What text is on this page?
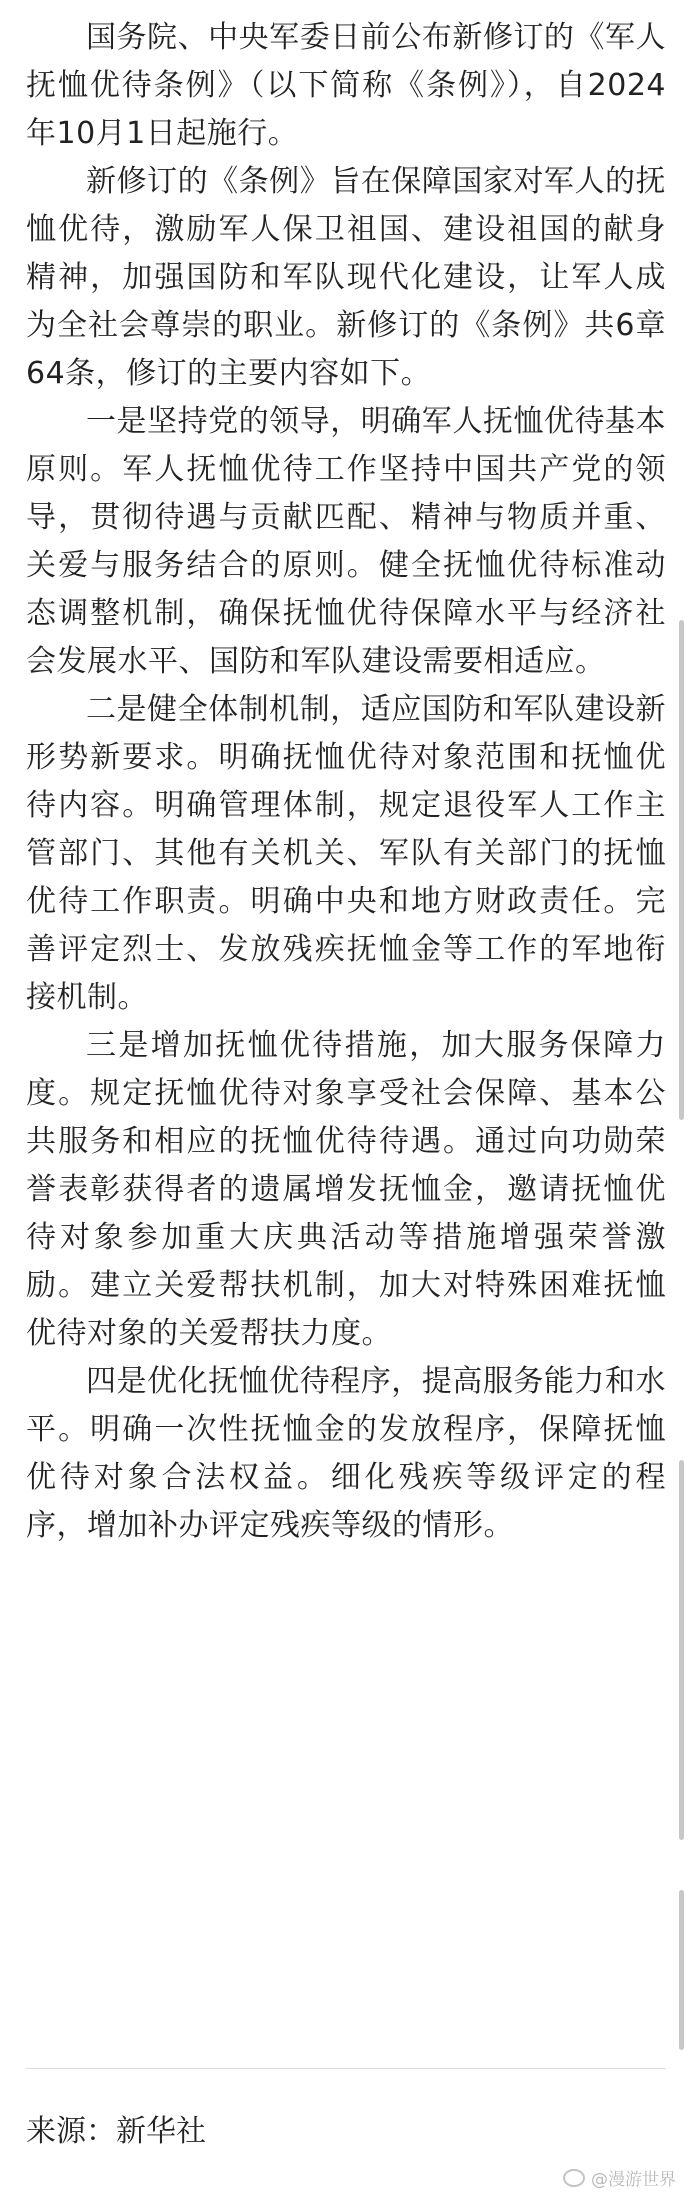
国务院、中央军委日前公布新修订的《军人抚恤优待条例》（以下简称《条例》），自2024年10月1日起施行。

新修订的《条例》旨在保障国家对军人的抚恤优待，激励军人保卫祖国、建设祖国的献身精神，加强国防和军队现代化建设，让军人成为全社会尊崇的职业。新修订的《条例》共6章64条，修订的主要内容如下。

一是坚持党的领导，明确军人抚恤优待基本原则。军人抚恤优待工作坚持中国共产党的领导，贯彻待遇与贡献匹配、精神与物质并重、关爱与服务结合的原则。健全抚恤优待标准动态调整机制，确保抚恤优待保障水平与经济社会发展水平、国防和军队建设需要相适应。

二是健全体制机制，适应国防和军队建设新形势新要求。明确抚恤优待对象范围和抚恤优待内容。明确管理体制，规定退役军人工作主管部门、其他有关机关、军队有关部门的抚恤优待工作职责。明确中央和地方财政责任。完善评定烈士、发放残疾抚恤金等工作的军地衔接机制。

三是增加抚恤优待措施，加大服务保障力度。规定抚恤优待对象享受社会保障、基本公共服务和相应的抚恤优待待遇。通过向功勋荣誉表彰获得者的遗属增发抚恤金，邀请抚恤优待对象参加重大庆典活动等措施增强荣誉激励。建立关爱帮扶机制，加大对特殊困难抚恤优待对象的关爱帮扶力度。

四是优化抚恤优待程序，提高服务能力和水平。明确一次性抚恤金的发放程序，保障抚恤优待对象合法权益。细化残疾等级评定的程序，增加补办评定残疾等级的情形。

来源：新华社
@漫游世界
